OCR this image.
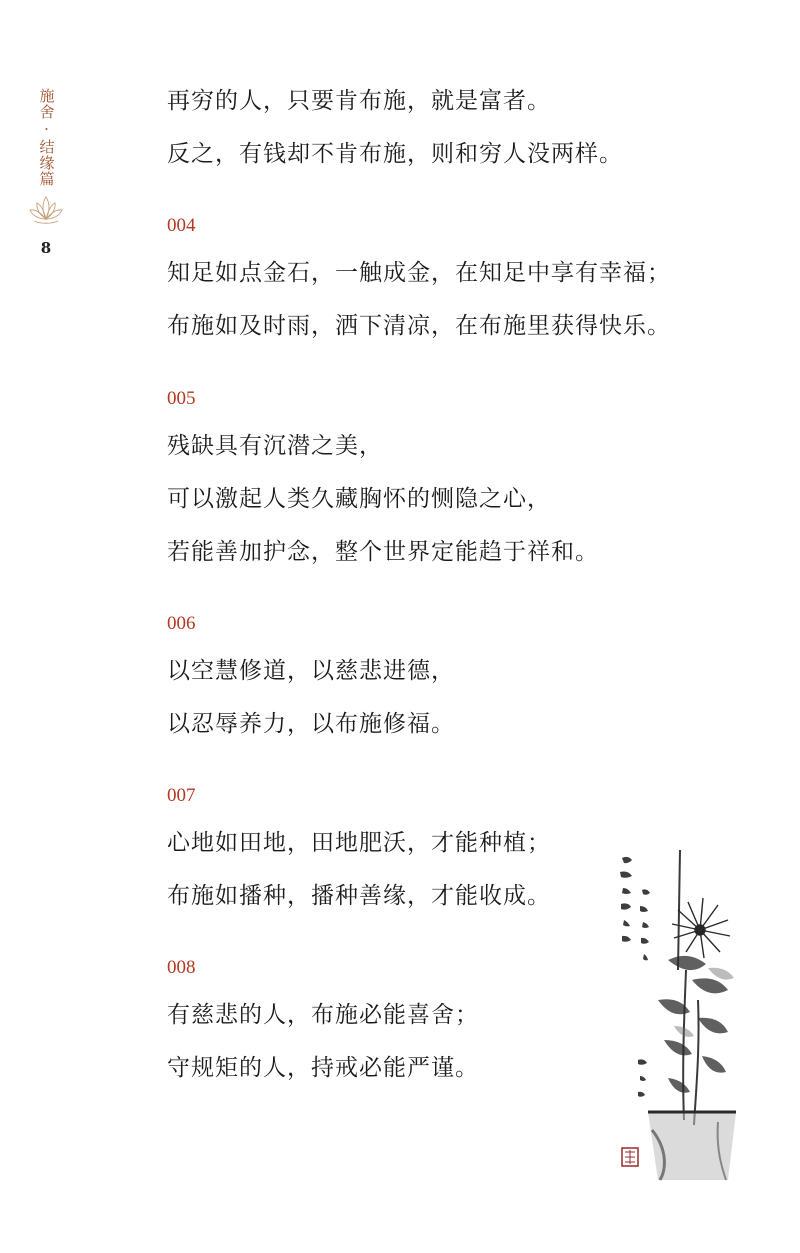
施舍·结缘篇
8
再穷的人，只要肯布施，就是富者。
反之，有钱却不肯布施，则和穷人没两样。
004
知足如点金石，一触成金，在知足中享有幸福；
布施如及时雨，洒下清凉，在布施里获得快乐。
005
残缺具有沉潜之美，
可以激起人类久藏胸怀的恻隐之心，
若能善加护念，整个世界定能趋于祥和。
006
以空慧修道，以慈悲进德，
以忍辱养力，以布施修福。
007
心地如田地，田地肥沃，才能种植；
布施如播种，播种善缘，才能收成。
008
有慈悲的人，布施必能喜舍；
守规矩的人，持戒必能严谨。
